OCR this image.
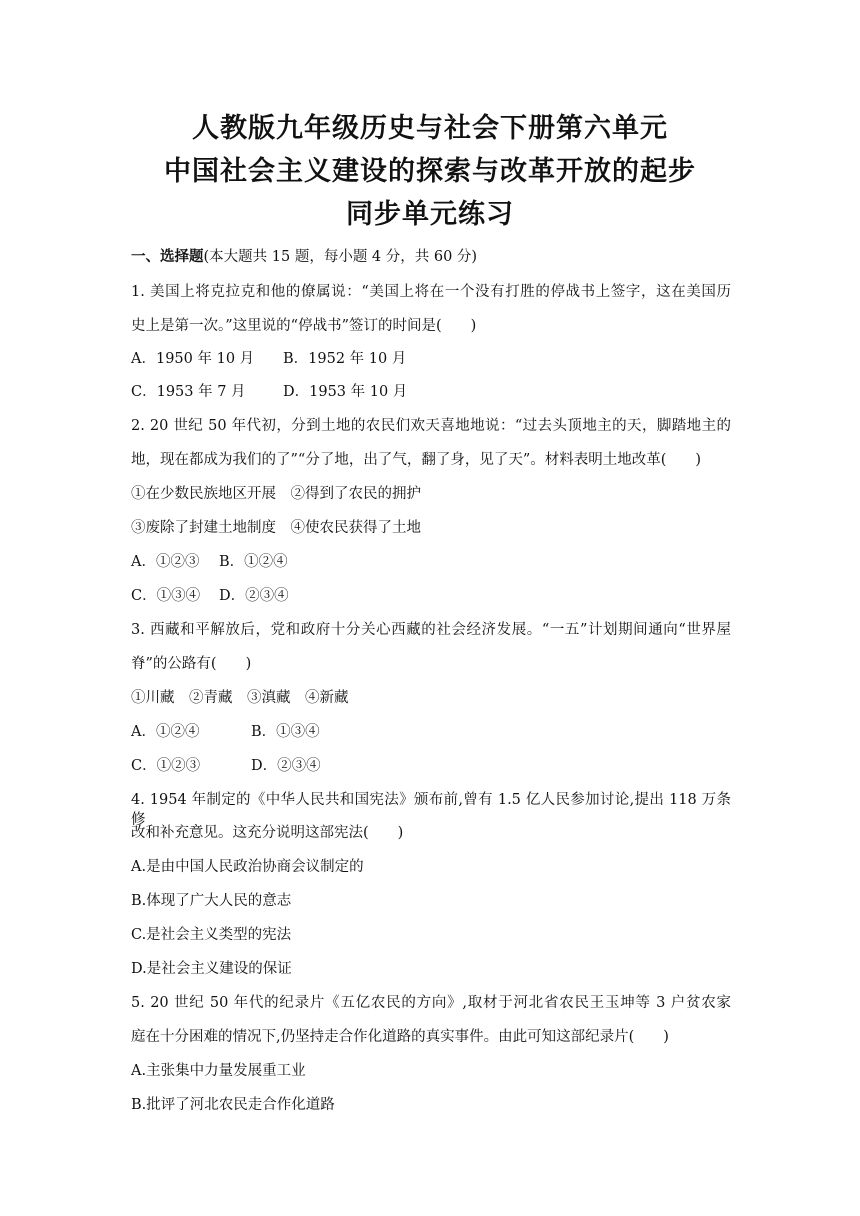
人教版九年级历史与社会下册第六单元
中国社会主义建设的探索与改革开放的起步
同步单元练习
一、选择题(本大题共 15 题，每小题 4 分，共 60 分)
1. 美国上将克拉克和他的僚属说：“美国上将在一个没有打胜的停战书上签字，这在美国历
史上是第一次。”这里说的“停战书”签订的时间是(　　)
A．1950 年 10 月 B．1952 年 10 月
C．1953 年 7 月	D．1953 年 10 月
2. 20 世纪 50 年代初，分到土地的农民们欢天喜地地说：“过去头顶地主的天，脚踏地主的
地，现在都成为我们的了”“分了地，出了气，翻了身，见了天”。材料表明土地改革(　　)
①在少数民族地区开展　②得到了农民的拥护
③废除了封建土地制度　④使农民获得了土地
A．①②③ B．①②④
C．①③④ D．②③④
3. 西藏和平解放后，党和政府十分关心西藏的社会经济发展。“一五”计划期间通向“世界屋
脊”的公路有(　　)
①川藏　②青藏　③滇藏　④新藏
A．①②④	B．①③④
C．①②③	D．②③④
4. 1954 年制定的《中华人民共和国宪法》颁布前,曾有 1.5 亿人民参加讨论,提出 118 万条修
改和补充意见。这充分说明这部宪法(　　)
A.是由中国人民政治协商会议制定的
B.体现了广大人民的意志
C.是社会主义类型的宪法
D.是社会主义建设的保证
5. 20 世纪 50 年代的纪录片《五亿农民的方向》,取材于河北省农民王玉坤等 3 户贫农家
庭在十分困难的情况下,仍坚持走合作化道路的真实事件。由此可知这部纪录片(　　)
A.主张集中力量发展重工业
B.批评了河北农民走合作化道路
